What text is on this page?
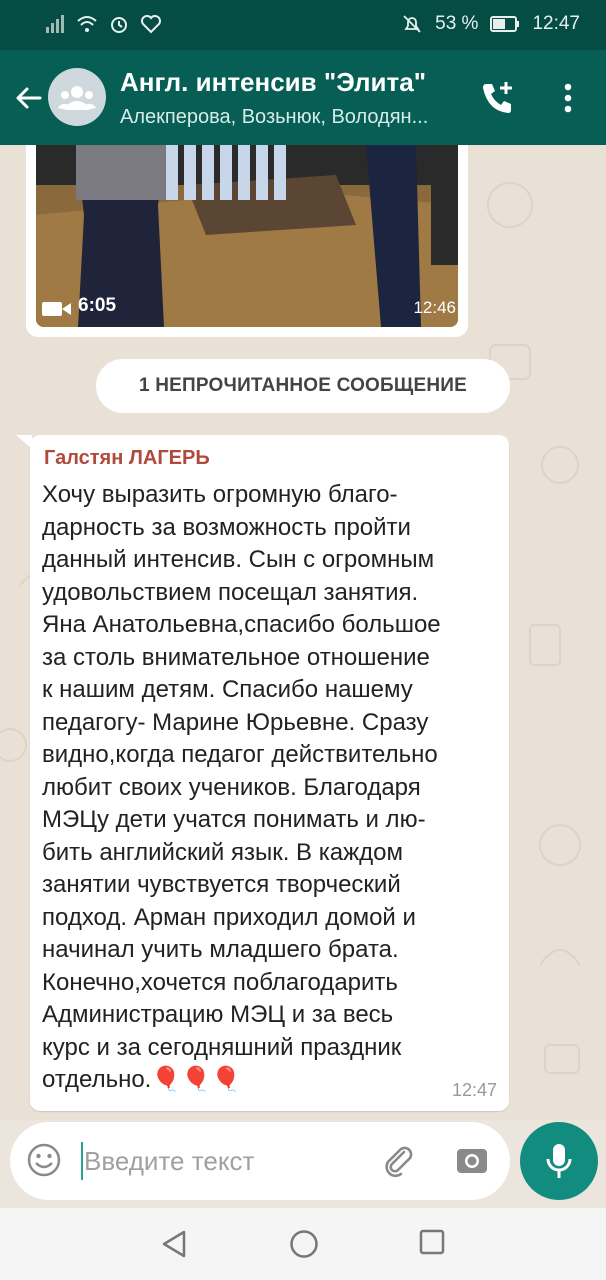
53 %	12:47
Англ. интенсив "Элита"
Алекперова, Возьнюк, Володян...
6:05	12:46
1 НЕПРОЧИТАННОЕ СООБЩЕНИЕ
Галстян ЛАГЕРЬ
Хочу выразить огромную благо-
дарность за возможность пройти
данный интенсив. Сын с огромным
удовольствием посещал занятия.
Яна Анатольевна,спасибо большое
за столь внимательное отношение
к нашим детям. Спасибо нашему
педагогу- Марине Юрьевне. Сразу
видно,когда педагог действительно
любит своих учеников. Благодаря
МЭЦу дети учатся понимать и лю-
бить английский язык. В каждом
занятии чувствуется творческий
подход. Арман приходил домой и
начинал учить младшего брата.
Конечно,хочется поблагодарить
Администрацию МЭЦ и за весь
курс и за сегодняшний праздник
отдельно.🎈🎈🎈	12:47
Введите текст
